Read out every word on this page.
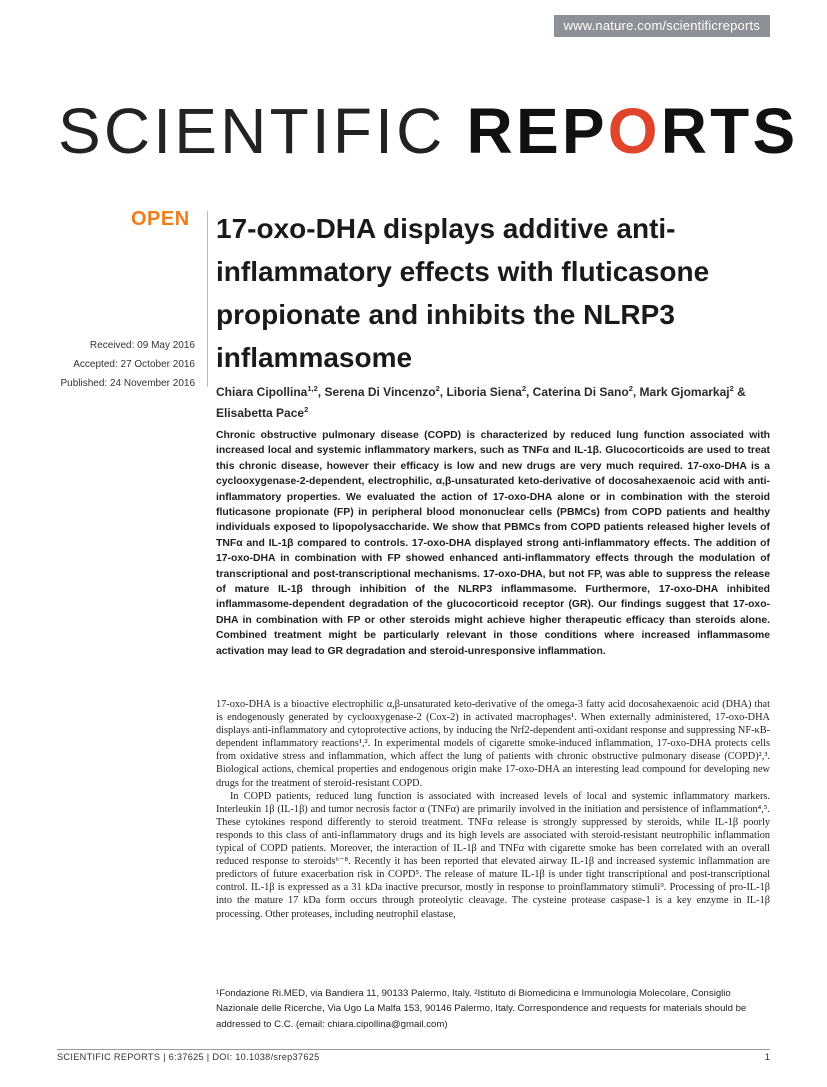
www.nature.com/scientificreports
SCIENTIFIC REPORTS
OPEN
Received: 09 May 2016
Accepted: 27 October 2016
Published: 24 November 2016
17-oxo-DHA displays additive anti-inflammatory effects with fluticasone propionate and inhibits the NLRP3 inflammasome
Chiara Cipollina$^{1,2}$, Serena Di Vincenzo$^2$, Liboria Siena$^2$, Caterina Di Sano$^2$, Mark Gjomarkaj$^2$ & Elisabetta Pace$^2$
Chronic obstructive pulmonary disease (COPD) is characterized by reduced lung function associated with increased local and systemic inflammatory markers, such as TNFα and IL-1β. Glucocorticoids are used to treat this chronic disease, however their efficacy is low and new drugs are very much required. 17-oxo-DHA is a cyclooxygenase-2-dependent, electrophilic, α,β-unsaturated keto-derivative of docosahexaenoic acid with anti-inflammatory properties. We evaluated the action of 17-oxo-DHA alone or in combination with the steroid fluticasone propionate (FP) in peripheral blood mononuclear cells (PBMCs) from COPD patients and healthy individuals exposed to lipopolysaccharide. We show that PBMCs from COPD patients released higher levels of TNFα and IL-1β compared to controls. 17-oxo-DHA displayed strong anti-inflammatory effects. The addition of 17-oxo-DHA in combination with FP showed enhanced anti-inflammatory effects through the modulation of transcriptional and post-transcriptional mechanisms. 17-oxo-DHA, but not FP, was able to suppress the release of mature IL-1β through inhibition of the NLRP3 inflammasome. Furthermore, 17-oxo-DHA inhibited inflammasome-dependent degradation of the glucocorticoid receptor (GR). Our findings suggest that 17-oxo-DHA in combination with FP or other steroids might achieve higher therapeutic efficacy than steroids alone. Combined treatment might be particularly relevant in those conditions where increased inflammasome activation may lead to GR degradation and steroid-unresponsive inflammation.

17-oxo-DHA is a bioactive electrophilic α,β-unsaturated keto-derivative of the omega-3 fatty acid docosahexaenoic acid (DHA) that is endogenously generated by cyclooxygenase-2 (Cox-2) in activated macrophages¹. When externally administered, 17-oxo-DHA displays anti-inflammatory and cytoprotective actions, by inducing the Nrf2-dependent anti-oxidant response and suppressing NF-κB-dependent inflammatory reactions¹,². In experimental models of cigarette smoke-induced inflammation, 17-oxo-DHA protects cells from oxidative stress and inflammation, which affect the lung of patients with chronic obstructive pulmonary disease (COPD)²,³. Biological actions, chemical properties and endogenous origin make 17-oxo-DHA an interesting lead compound for developing new drugs for the treatment of steroid-resistant COPD.

In COPD patients, reduced lung function is associated with increased levels of local and systemic inflammatory markers. Interleukin 1β (IL-1β) and tumor necrosis factor α (TNFα) are primarily involved in the initiation and persistence of inflammation⁴,⁵. These cytokines respond differently to steroid treatment. TNFα release is strongly suppressed by steroids, while IL-1β poorly responds to this class of anti-inflammatory drugs and its high levels are associated with steroid-resistant neutrophilic inflammation typical of COPD patients. Moreover, the interaction of IL-1β and TNFα with cigarette smoke has been correlated with an overall reduced response to steroids⁶⁻⁸. Recently it has been reported that elevated airway IL-1β and increased systemic inflammation are predictors of future exacerbation risk in COPD⁵. The release of mature IL-1β is under tight transcriptional and post-transcriptional control. IL-1β is expressed as a 31 kDa inactive precursor, mostly in response to proinflammatory stimuli⁹. Processing of pro-IL-1β into the mature 17 kDa form occurs through proteolytic cleavage. The cysteine protease caspase-1 is a key enzyme in IL-1β processing. Other proteases, including neutrophil elastase,

¹Fondazione Ri.MED, via Bandiera 11, 90133 Palermo, Italy. ²Istituto di Biomedicina e Immunologia Molecolare, Consiglio Nazionale delle Ricerche, Via Ugo La Malfa 153, 90146 Palermo, Italy. Correspondence and requests for materials should be addressed to C.C. (email: chiara.cipollina@gmail.com)
SCIENTIFIC REPORTS | 6:37625 | DOI: 10.1038/srep37625	1
